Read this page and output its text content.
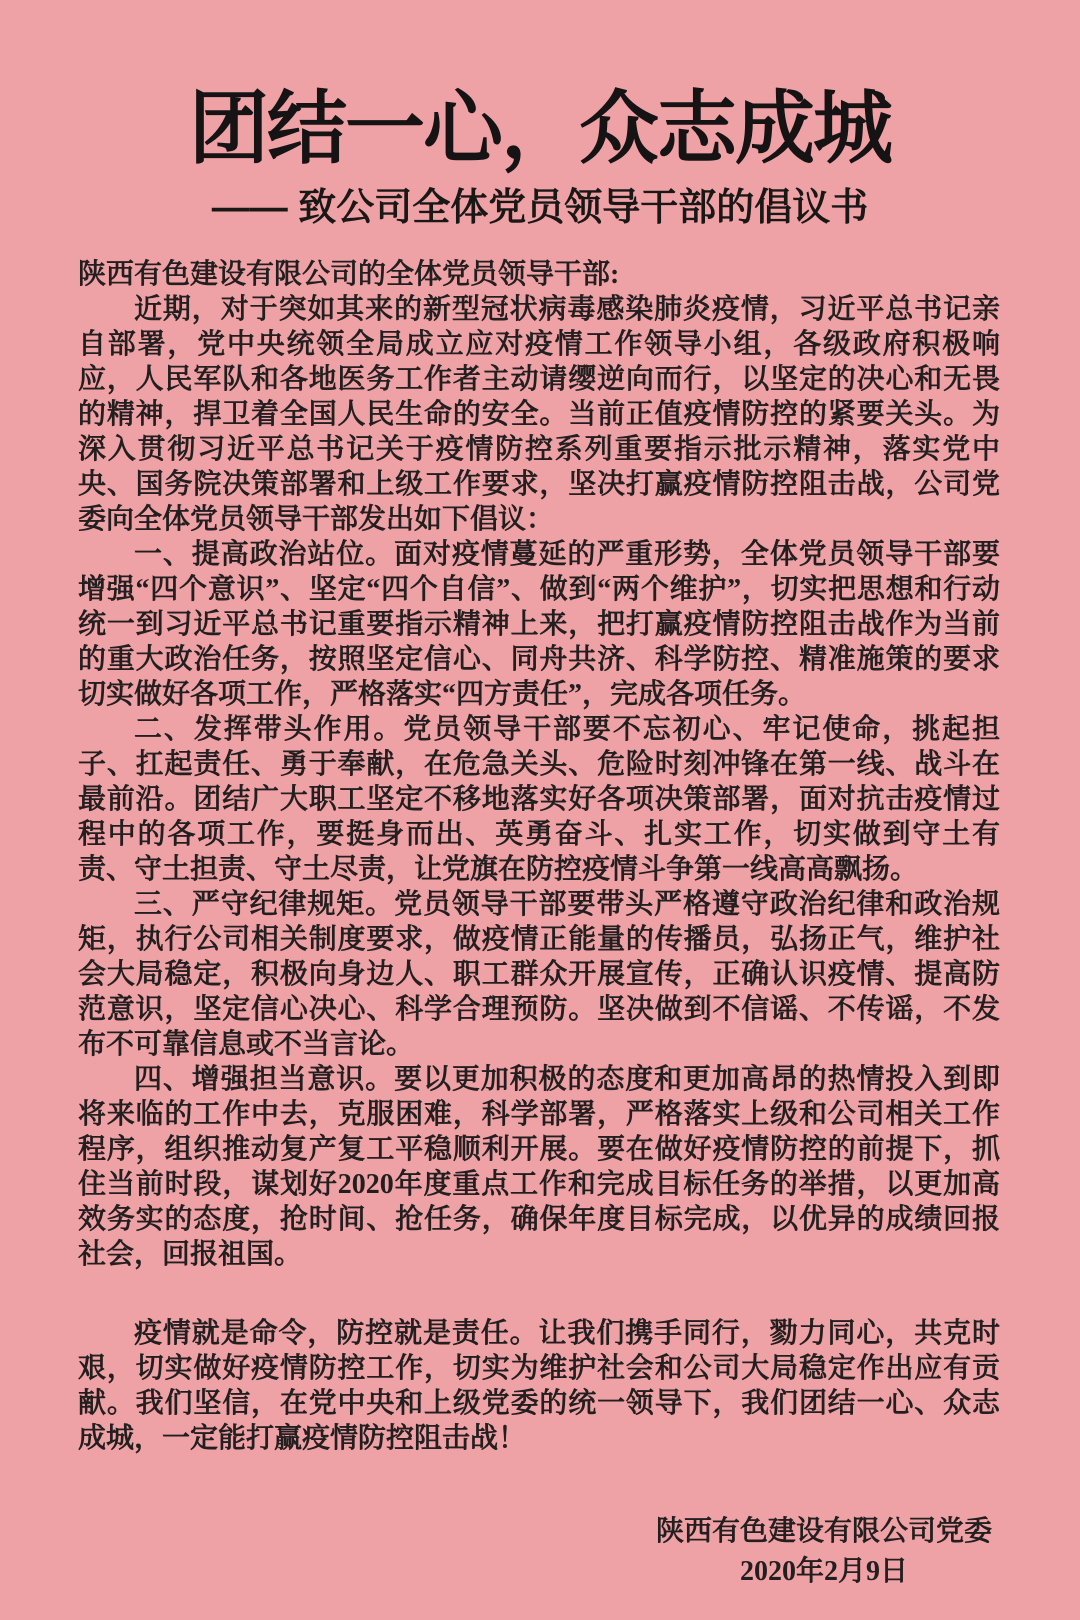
团结一心，众志成城
—— 致公司全体党员领导干部的倡议书

陕西有色建设有限公司的全体党员领导干部:

近期，对于突如其来的新型冠状病毒感染肺炎疫情，习近平总书记亲自部署，党中央统领全局成立应对疫情工作领导小组，各级政府积极响应，人民军队和各地医务工作者主动请缨逆向而行，以坚定的决心和无畏的精神，捍卫着全国人民生命的安全。当前正值疫情防控的紧要关头。为深入贯彻习近平总书记关于疫情防控系列重要指示批示精神，落实党中央、国务院决策部署和上级工作要求，坚决打赢疫情防控阻击战，公司党委向全体党员领导干部发出如下倡议：

一、提高政治站位。面对疫情蔓延的严重形势，全体党员领导干部要增强“四个意识”、坚定“四个自信”、做到“两个维护”，切实把思想和行动统一到习近平总书记重要指示精神上来，把打赢疫情防控阻击战作为当前的重大政治任务，按照坚定信心、同舟共济、科学防控、精准施策的要求切实做好各项工作，严格落实“四方责任”，完成各项任务。

二、发挥带头作用。党员领导干部要不忘初心、牢记使命，挑起担子、扛起责任、勇于奉献，在危急关头、危险时刻冲锋在第一线、战斗在最前沿。团结广大职工坚定不移地落实好各项决策部署，面对抗击疫情过程中的各项工作，要挺身而出、英勇奋斗、扎实工作，切实做到守土有责、守土担责、守土尽责，让党旗在防控疫情斗争第一线高高飘扬。

三、严守纪律规矩。党员领导干部要带头严格遵守政治纪律和政治规矩，执行公司相关制度要求，做疫情正能量的传播员，弘扬正气，维护社会大局稳定，积极向身边人、职工群众开展宣传，正确认识疫情、提高防范意识，坚定信心决心、科学合理预防。坚决做到不信谣、不传谣，不发布不可靠信息或不当言论。

四、增强担当意识。要以更加积极的态度和更加高昂的热情投入到即将来临的工作中去，克服困难，科学部署，严格落实上级和公司相关工作程序，组织推动复产复工平稳顺利开展。要在做好疫情防控的前提下，抓住当前时段，谋划好2020年度重点工作和完成目标任务的举措，以更加高效务实的态度，抢时间、抢任务，确保年度目标完成，以优异的成绩回报社会，回报祖国。

疫情就是命令，防控就是责任。让我们携手同行，勠力同心，共克时艰，切实做好疫情防控工作，切实为维护社会和公司大局稳定作出应有贡献。我们坚信，在党中央和上级党委的统一领导下，我们团结一心、众志成城，一定能打赢疫情防控阻击战！

陕西有色建设有限公司党委
2020年2月9日
